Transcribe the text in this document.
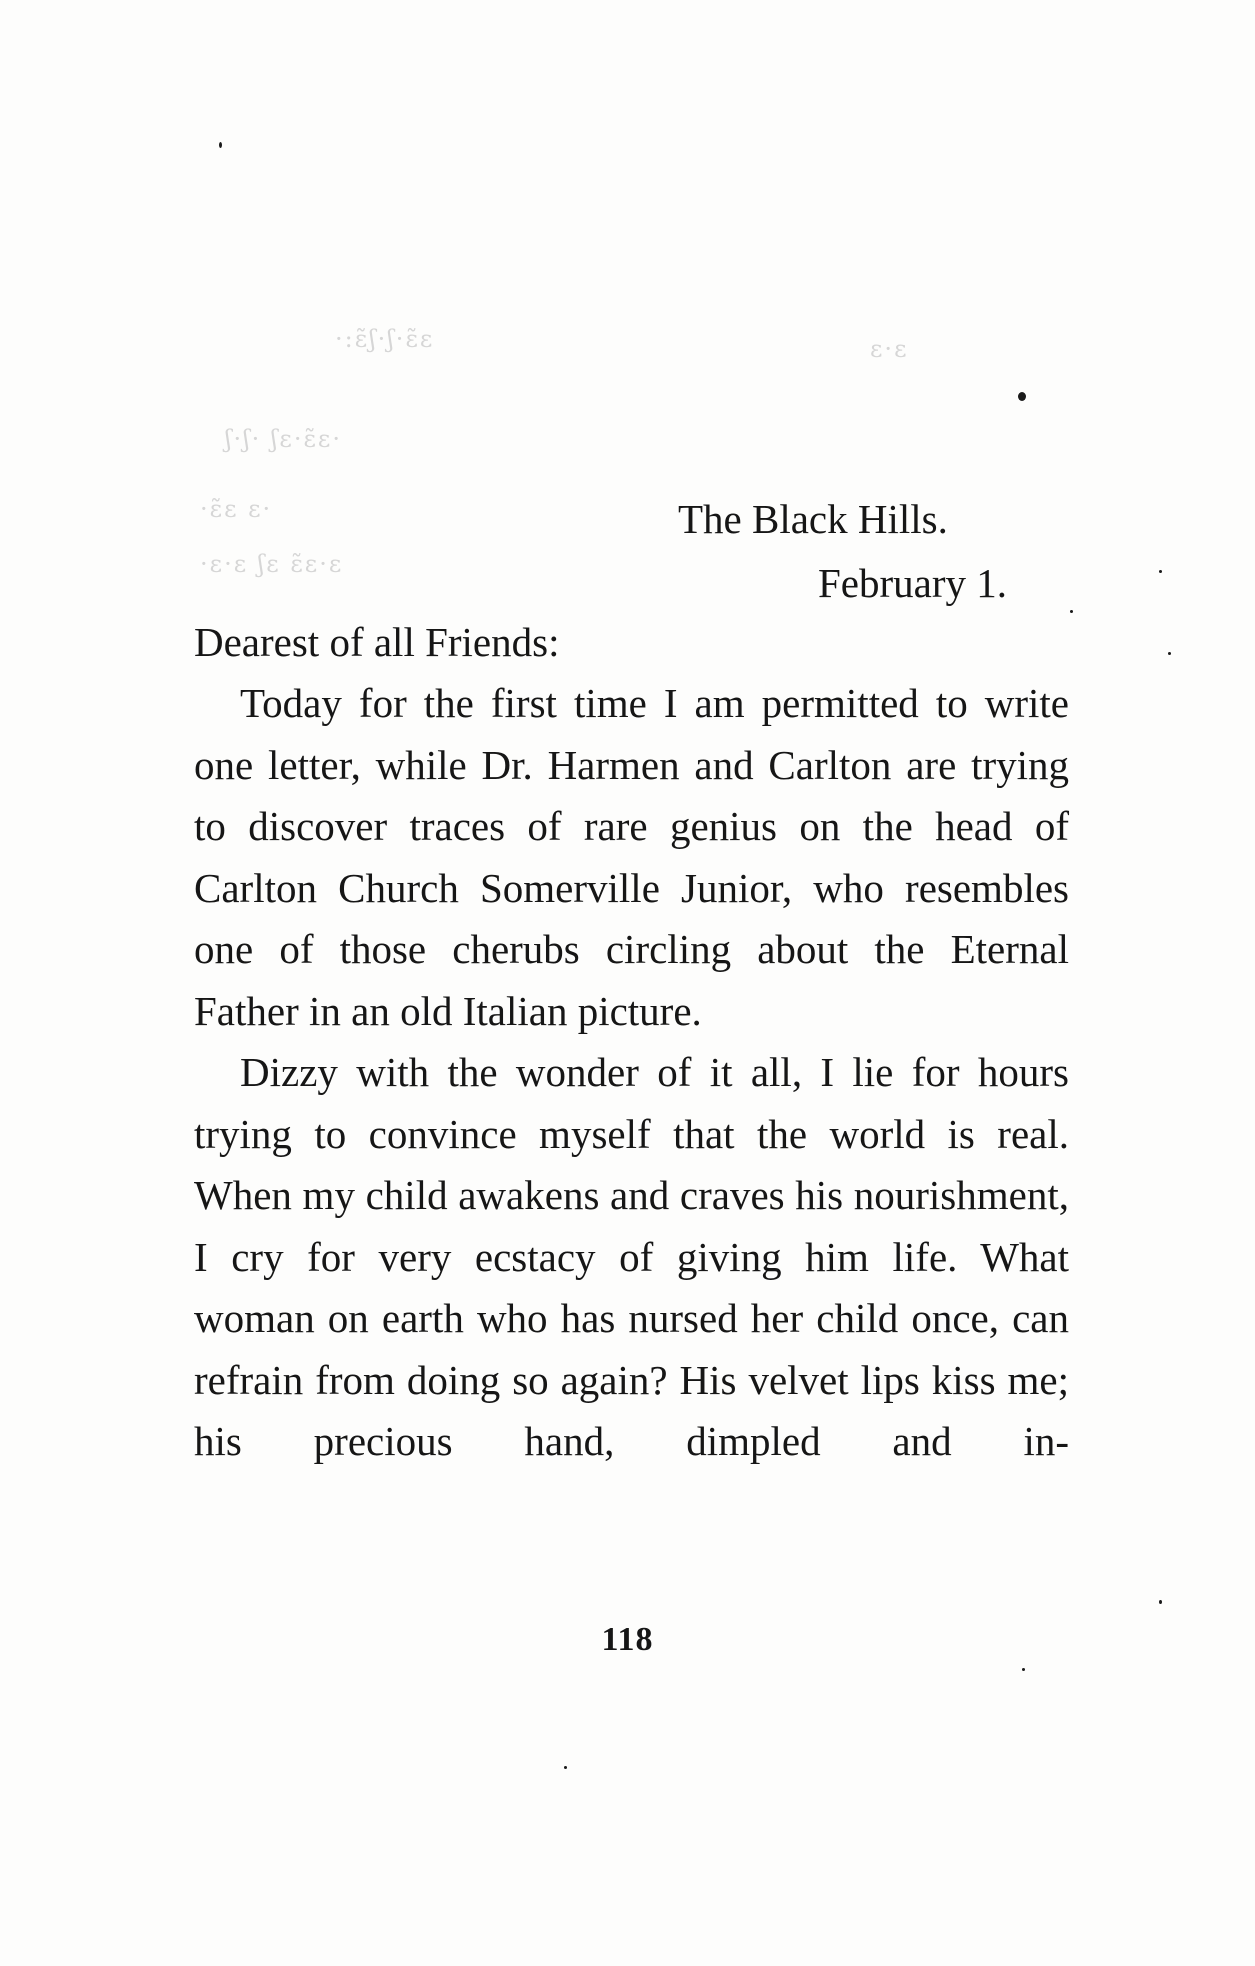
·:ɛ̃ʃ·ʃ·ɛ̃ɛ
ʃ·ʃ· ʃɛ·ɛ̃ɛ·
·ɛ̃ɛ ɛ·
·ɛ·ɛ ʃɛ ɛ̃ɛ·ɛ
ɛ·ɛ
The Black Hills.
February 1.
Dearest of all Friends:

Today for the first time I am permitted to write one letter, while Dr. Harmen and Carlton are trying to discover traces of rare genius on the head of Carlton Church Somerville Junior, who resembles one of those cherubs circling about the Eternal Father in an old Italian picture.

Dizzy with the wonder of it all, I lie for hours trying to convince myself that the world is real. When my child awakens and craves his nourishment, I cry for very ecstacy of giving him life. What woman on earth who has nursed her child once, can refrain from doing so again? His velvet lips kiss me; his precious hand, dimpled and in-

118
